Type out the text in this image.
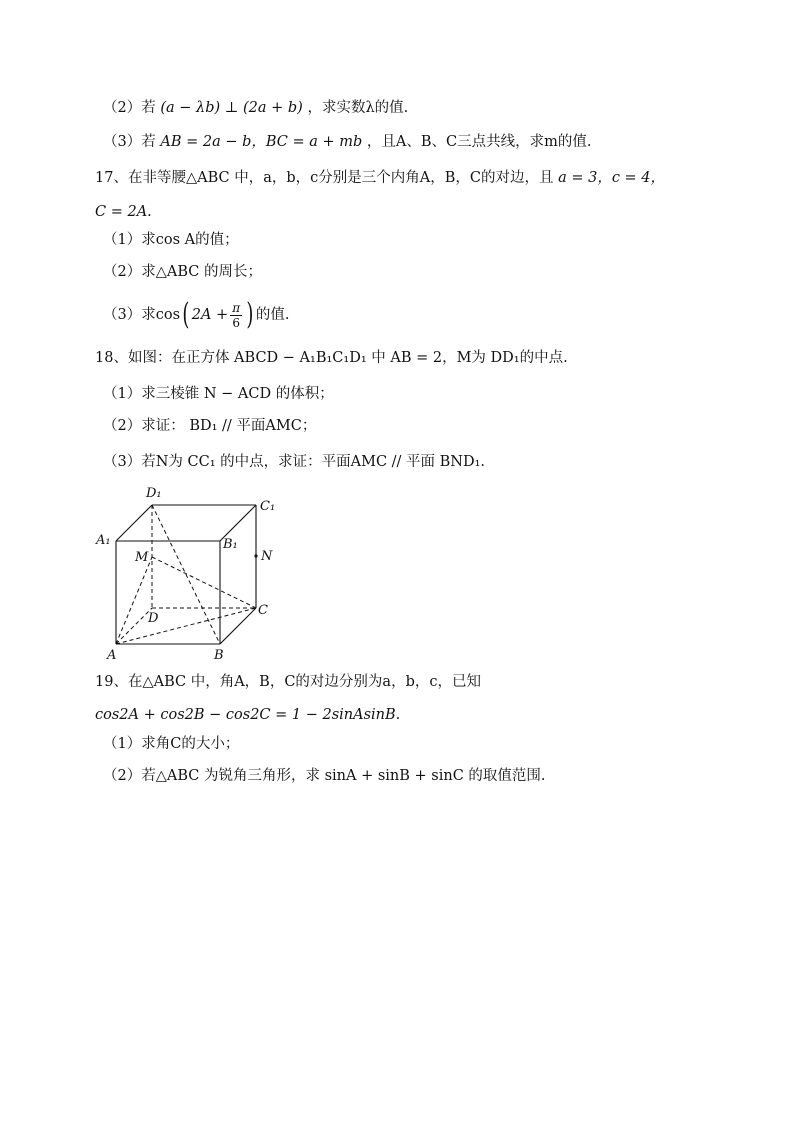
（2）若 (a − λb) ⊥ (2a + b) ，求实数λ的值.
（3）若 AB = 2a − b，BC = a + mb ，且A、B、C三点共线，求m的值.
17、在非等腰△ABC 中，a，b，c分别是三个内角A，B，C的对边，且 a = 3，c = 4，
C = 2A.
（1）求cos A的值；
（2）求△ABC 的周长；
（3）求cos( $2A + \frac{\pi}{6}$ ) 的值.
18、如图：在正方体 ABCD − A₁B₁C₁D₁ 中 AB = 2，M为 DD₁的中点.
（1）求三棱锥 N − ACD 的体积；
（2）求证： BD₁ // 平面AMC；
（3）若N为 CC₁ 的中点，求证：平面AMC // 平面 BND₁.
D₁
C₁
A₁	B₁
M	N
D
C
A	B
19、在△ABC 中，角A，B，C的对边分别为a，b，c，已知
cos2A + cos2B − cos2C = 1 − 2sinAsinB.
（1）求角C的大小；
（2）若△ABC 为锐角三角形，求 sinA + sinB + sinC 的取值范围.
